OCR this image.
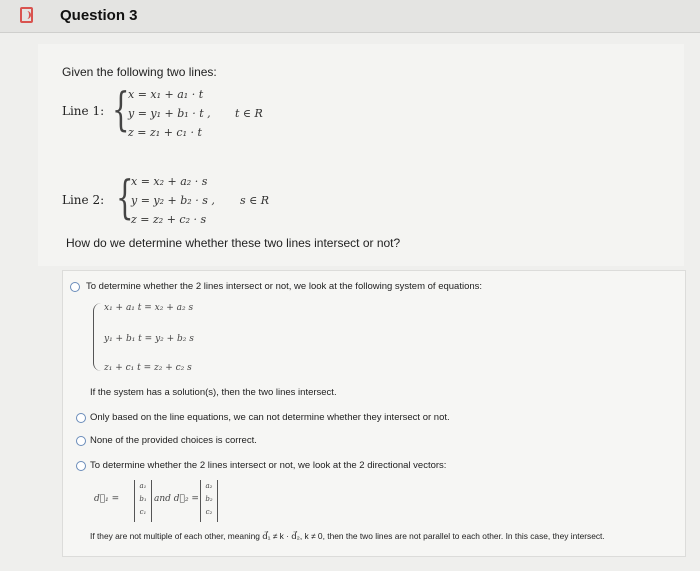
Question 3
Given the following two lines:
Line 1: {
x = x₁ + a₁ · t
y = y₁ + b₁ · t ,
z = z₁ + c₁ · t
t ∈ R
Line 2: {
x = x₂ + a₂ · s
y = y₂ + b₂ · s ,
z = z₂ + c₂ · s
s ∈ R
How do we determine whether these two lines intersect or not?
To determine whether the 2 lines intersect or not, we look at the following system of equations:
x₁ + a₁ t = x₂ + a₂ s
y₁ + b₁ t = y₂ + b₂ s
z₁ + c₁ t = z₂ + c₂ s
If the system has a solution(s), then the two lines intersect.
Only based on the line equations, we can not determine whether they intersect or not.
None of the provided choices is correct.
To determine whether the 2 lines intersect or not, we look at the 2 directional vectors:
d⃗₁ =
a₁
b₁
c₁
and d⃗₂ =
a₂
b₂
c₂
If they are not multiple of each other, meaning d⃗₁ ≠ k · d⃗₂, k ≠ 0, then the two lines are not parallel to each other. In this case, they intersect.
